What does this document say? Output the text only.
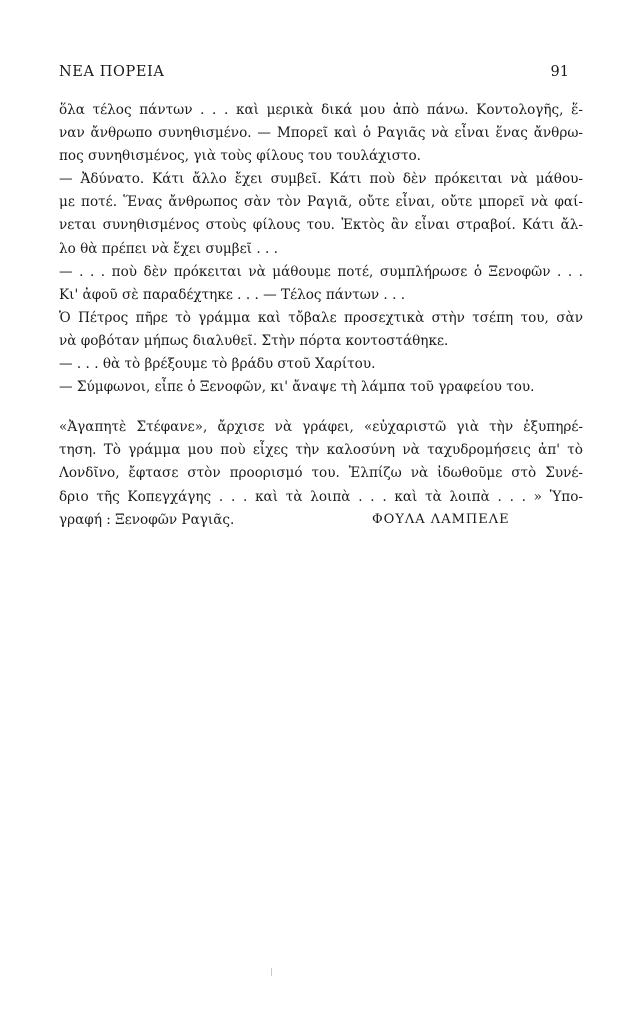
ΝΕΑ ΠΟΡΕΙΑ	91
ὅλα τέλος πάντων . . . καὶ μερικὰ δικά μου ἀπὸ πάνω. Κοντολογῆς, ἕ-
ναν ἄνθρωπο συνηθισμένο. — Μπορεῖ καὶ ὁ Ραγιᾶς νὰ εἶναι ἕνας ἄνθρω-
πος συνηθισμένος, γιὰ τοὺς φίλους του τουλάχιστο.
— Ἀδύνατο. Κάτι ἄλλο ἔχει συμβεῖ. Κάτι ποὺ δὲν πρόκειται νὰ μάθου-
με ποτέ. Ἕνας ἄνθρωπος σὰν τὸν Ραγιᾶ, οὔτε εἶναι, οὔτε μπορεῖ νὰ φαί-
νεται συνηθισμένος στοὺς φίλους του. Ἐκτὸς ἂν εἶναι στραβοί. Κάτι ἄλ-
λο θὰ πρέπει νὰ ἔχει συμβεῖ . . .
— . . . ποὺ δὲν πρόκειται νὰ μάθουμε ποτέ, συμπλήρωσε ὁ Ξενοφῶν . . .
Κι' ἀφοῦ σὲ παραδέχτηκε . . . — Τέλος πάντων . . .
Ὁ Πέτρος πῆρε τὸ γράμμα καὶ τὄβαλε προσεχτικὰ στὴν τσέπη του, σὰν
νὰ φοβόταν μήπως διαλυθεῖ. Στὴν πόρτα κοντοστάθηκε.
— . . . θὰ τὸ βρέξουμε τὸ βράδυ στοῦ Χαρίτου.
— Σύμφωνοι, εἶπε ὁ Ξενοφῶν, κι' ἄναψε τὴ λάμπα τοῦ γραφείου του.
«Ἀγαπητὲ Στέφανε», ἄρχισε νὰ γράφει, «εὐχαριστῶ γιὰ τὴν ἐξυπηρέ-
τηση. Τὸ γράμμα μου ποὺ εἶχες τὴν καλοσύνη νὰ ταχυδρομήσεις ἀπ' τὸ
Λονδῖνο, ἔφτασε στὸν προορισμό του. Ἐλπίζω νὰ ἰδωθοῦμε στὸ Συνέ-
δριο τῆς Κοπεγχάγης . . . καὶ τὰ λοιπὰ . . . καὶ τὰ λοιπὰ . . . » Ὑπο-
γραφή : Ξενοφῶν Ραγιᾶς.	ΦΟΥΛΑ ΛΑΜΠΕΛΕ
